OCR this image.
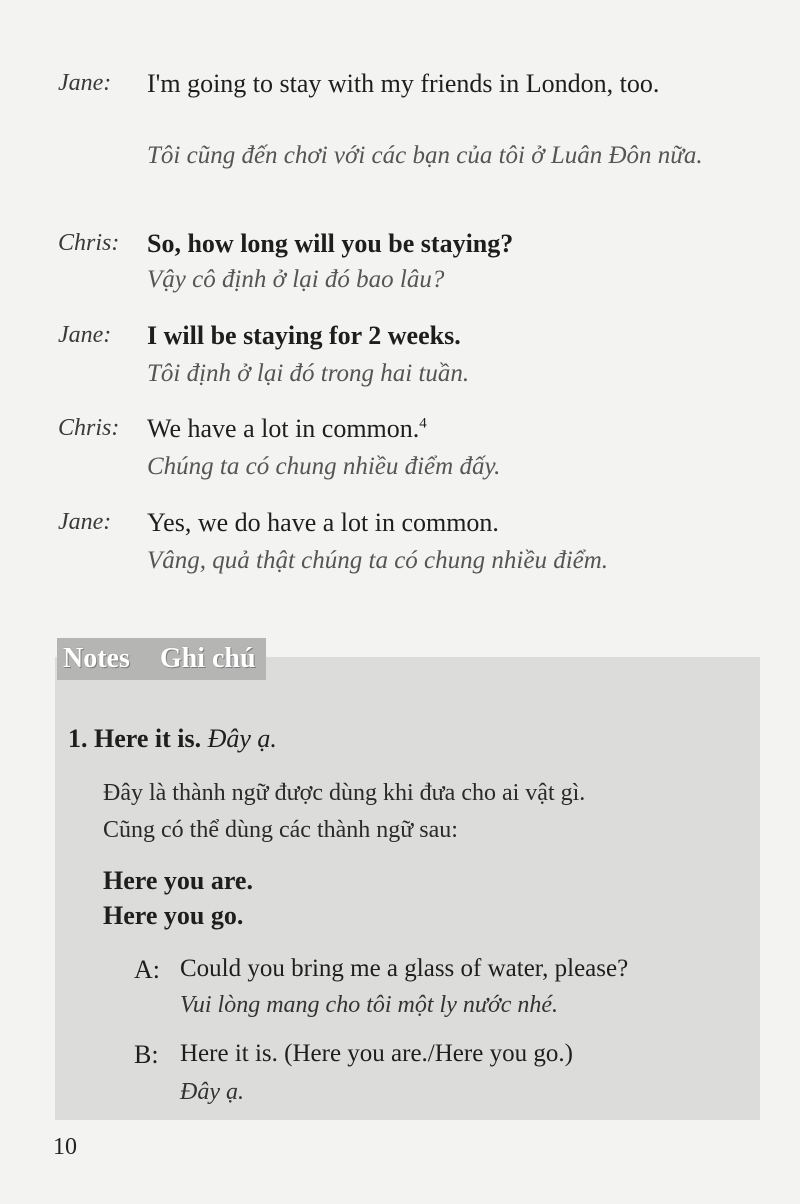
Jane: I'm going to stay with my friends in London, too.
Tôi cũng đến chơi với các bạn của tôi ở Luân Đôn nữa.
Chris: So, how long will you be staying?
Vậy cô định ở lại đó bao lâu?
Jane: I will be staying for 2 weeks.
Tôi định ở lại đó trong hai tuần.
Chris: We have a lot in common.$^4$
Chúng ta có chung nhiều điểm đấy.
Jane: Yes, we do have a lot in common.
Vâng, quả thật chúng ta có chung nhiều điểm.
Notes Ghi chú
1. Here it is. Đây ạ.
Đây là thành ngữ được dùng khi đưa cho ai vật gì.
Cũng có thể dùng các thành ngữ sau:
Here you are.
Here you go.
A: Could you bring me a glass of water, please?
Vui lòng mang cho tôi một ly nước nhé.
B: Here it is. (Here you are./Here you go.)
Đây ạ.
10
